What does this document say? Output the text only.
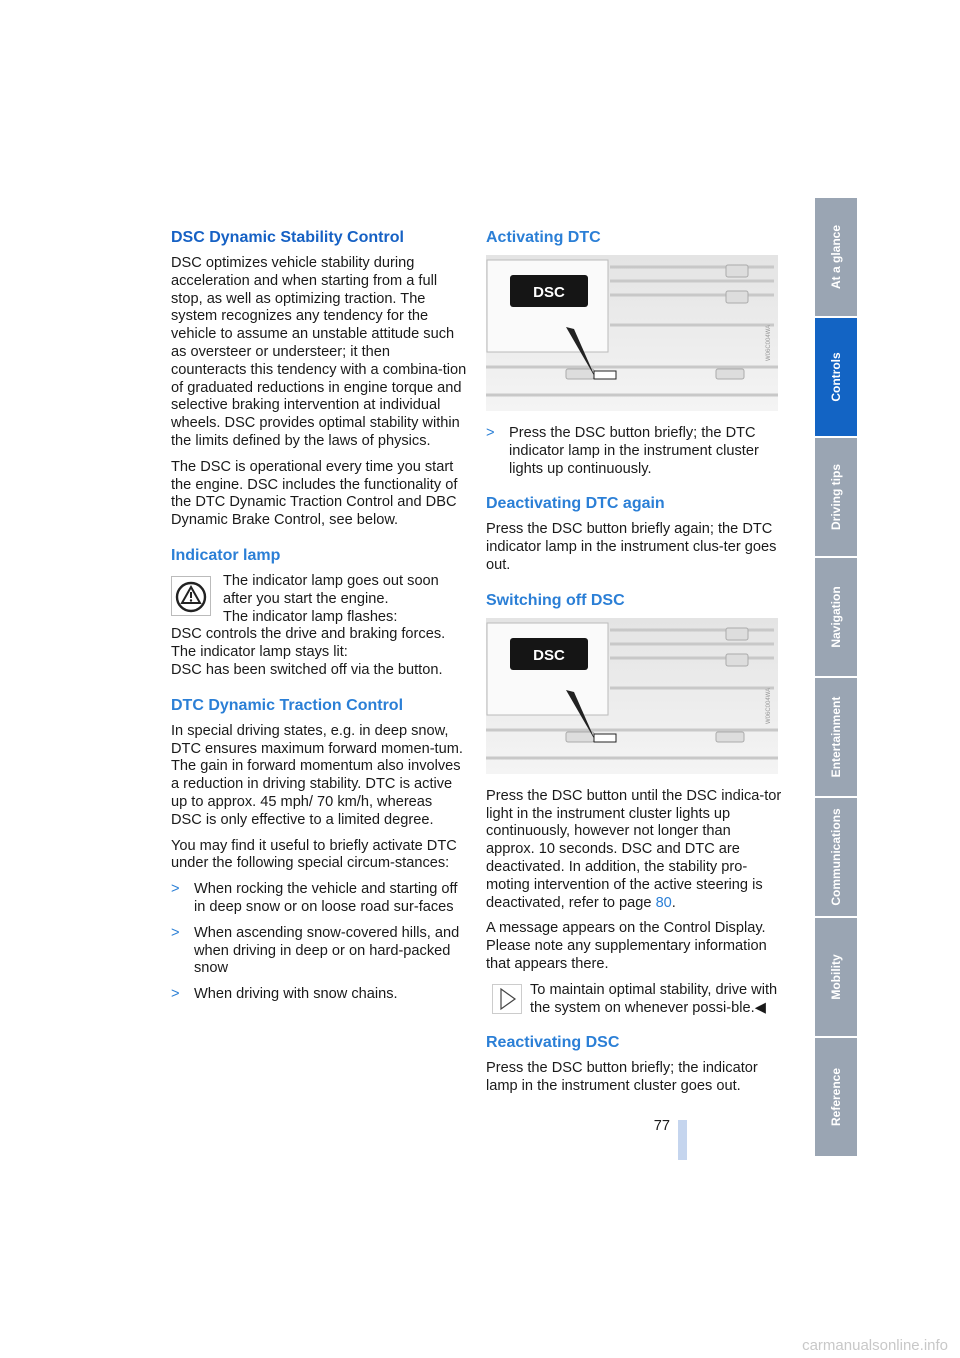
DSC Dynamic Stability Control

DSC optimizes vehicle stability during acceleration and when starting from a full stop, as well as optimizing traction. The system recognizes any tendency for the vehicle to assume an unstable attitude such as oversteer or understeer; it then counteracts this tendency with a combina-tion of graduated reductions in engine torque and selective braking intervention at individual wheels. DSC provides optimal stability within the limits defined by the laws of physics.

The DSC is operational every time you start the engine. DSC includes the functionality of the DTC Dynamic Traction Control and DBC Dynamic Brake Control, see below.

Indicator lamp
The indicator lamp goes out soon after you start the engine.
The indicator lamp flashes:
DSC controls the drive and braking forces.
The indicator lamp stays lit:
DSC has been switched off via the button.
DTC Dynamic Traction Control

In special driving states, e.g. in deep snow, DTC ensures maximum forward momen-tum. The gain in forward momentum also involves a reduction in driving stability. DTC is active up to approx. 45 mph/ 70 km/h, whereas DSC is only effective to a limited degree.

You may find it useful to briefly activate DTC under the following special circum-stances:

> When rocking the vehicle and starting off in deep snow or on loose road sur-faces
> When ascending snow-covered hills, and when driving in deep or on hard-packed snow
> When driving with snow chains.
Activating DTC
DSC
W06C004WA
> Press the DSC button briefly; the DTC indicator lamp in the instrument cluster lights up continuously.
Deactivating DTC again

Press the DSC button briefly again; the DTC indicator lamp in the instrument clus-ter goes out.

Switching off DSC
DSC
W06C004WA

Press the DSC button until the DSC indica-tor light in the instrument cluster lights up continuously, however not longer than approx. 10 seconds. DSC and DTC are deactivated. In addition, the stability pro-moting intervention of the active steering is deactivated, refer to page 80.

A message appears on the Control Display. Please note any supplementary information that appears there.

To maintain optimal stability, drive with the system on whenever possi-ble.◀
Reactivating DSC

Press the DSC button briefly; the indicator lamp in the instrument cluster goes out.

At a glance
Controls
Driving tips
Navigation
Entertainment
Communications
Mobility
Reference
77
carmanualsonline.info
